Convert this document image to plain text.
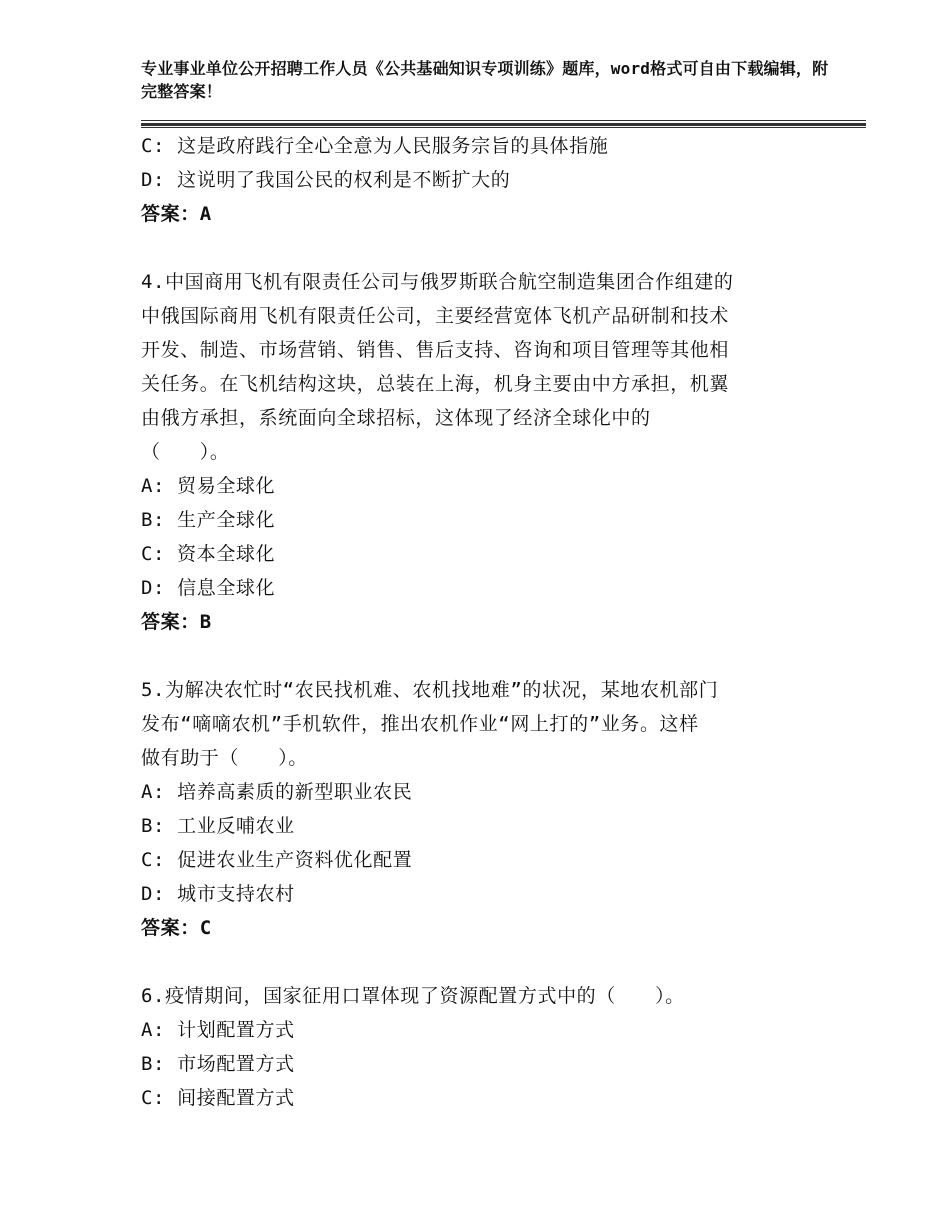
专业事业单位公开招聘工作人员《公共基础知识专项训练》题库，word格式可自由下载编辑，附完整答案！
C: 这是政府践行全心全意为人民服务宗旨的具体指施
D: 这说明了我国公民的权利是不断扩大的
答案：A
4.中国商用飞机有限责任公司与俄罗斯联合航空制造集团合作组建的
中俄国际商用飞机有限责任公司，主要经营宽体飞机产品研制和技术
开发、制造、市场营销、销售、售后支持、咨询和项目管理等其他相
关任务。在飞机结构这块，总装在上海，机身主要由中方承担，机翼
由俄方承担，系统面向全球招标，这体现了经济全球化中的
（　　）。
A: 贸易全球化
B: 生产全球化
C: 资本全球化
D: 信息全球化
答案：B
5.为解决农忙时“农民找机难、农机找地难”的状况，某地农机部门
发布“嘀嘀农机”手机软件，推出农机作业“网上打的”业务。这样
做有助于（　　）。
A: 培养高素质的新型职业农民
B: 工业反哺农业
C: 促进农业生产资料优化配置
D: 城市支持农村
答案：C
6.疫情期间，国家征用口罩体现了资源配置方式中的（　　）。
A: 计划配置方式
B: 市场配置方式
C: 间接配置方式
